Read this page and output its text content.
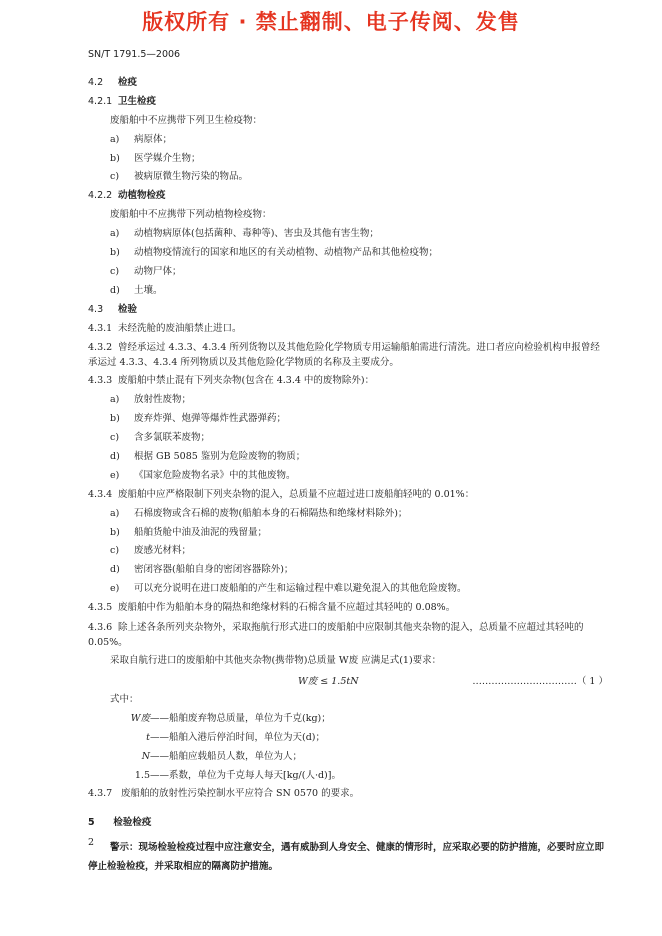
版权所有 · 禁止翻制、电子传阅、发售
SN/T 1791.5—2006
4.2 检疫
4.2.1 卫生检疫
废船舶中不应携带下列卫生检疫物：
a) 病原体；
b) 医学媒介生物；
c) 被病原微生物污染的物品。
4.2.2 动植物检疫
废船舶中不应携带下列动植物检疫物：
a) 动植物病原体(包括菌种、毒种等)、害虫及其他有害生物；
b) 动植物疫情流行的国家和地区的有关动植物、动植物产品和其他检疫物；
c) 动物尸体；
d) 土壤。
4.3 检验
4.3.1 未经洗舱的废油船禁止进口。
4.3.2 曾经承运过 4.3.3、4.3.4 所列货物以及其他危险化学物质专用运输船舶需进行清洗。进口者应向检验机构申报曾经承运过 4.3.3、4.3.4 所列物质以及其他危险化学物质的名称及主要成分。
4.3.3 废船舶中禁止混有下列夹杂物(包含在 4.3.4 中的废物除外)：
a) 放射性废物；
b) 废弃炸弹、炮弹等爆炸性武器弹药；
c) 含多氯联苯废物；
d) 根据 GB 5085 鉴别为危险废物的物质；
e) 《国家危险废物名录》中的其他废物。
4.3.4 废船舶中应严格限制下列夹杂物的混入，总质量不应超过进口废船舶轻吨的 0.01%：
a) 石棉废物或含石棉的废物(船舶本身的石棉隔热和绝缘材料除外)；
b) 船舶货舱中油及油泥的残留量；
c) 废感光材料；
d) 密闭容器(船舶自身的密闭容器除外)；
e) 可以充分说明在进口废船舶的产生和运输过程中难以避免混入的其他危险废物。
4.3.5 废船舶中作为船舶本身的隔热和绝缘材料的石棉含量不应超过其轻吨的 0.08%。
4.3.6 除上述各条所列夹杂物外，采取拖航行形式进口的废船舶中应限制其他夹杂物的混入，总质量不应超过其轻吨的 0.05%。
采取自航行进口的废船舶中其他夹杂物(携带物)总质量 W废 应满足式(1)要求：
W废 ≤ 1.5tN	……………………………（ 1 ）
式中：
W废——船舶废弃物总质量，单位为千克(kg)；
t——船舶入港后停泊时间，单位为天(d)；
N——船舶应载船员人数，单位为人；
1.5——系数，单位为千克每人每天[kg/(人·d)]。
4.3.7 废船舶的放射性污染控制水平应符合 SN 0570 的要求。
5 检验检疫
警示：现场检验检疫过程中应注意安全，遇有威胁到人身安全、健康的情形时，应采取必要的防护措施，必要时应立即停止检验检疫，并采取相应的隔离防护措施。
2
